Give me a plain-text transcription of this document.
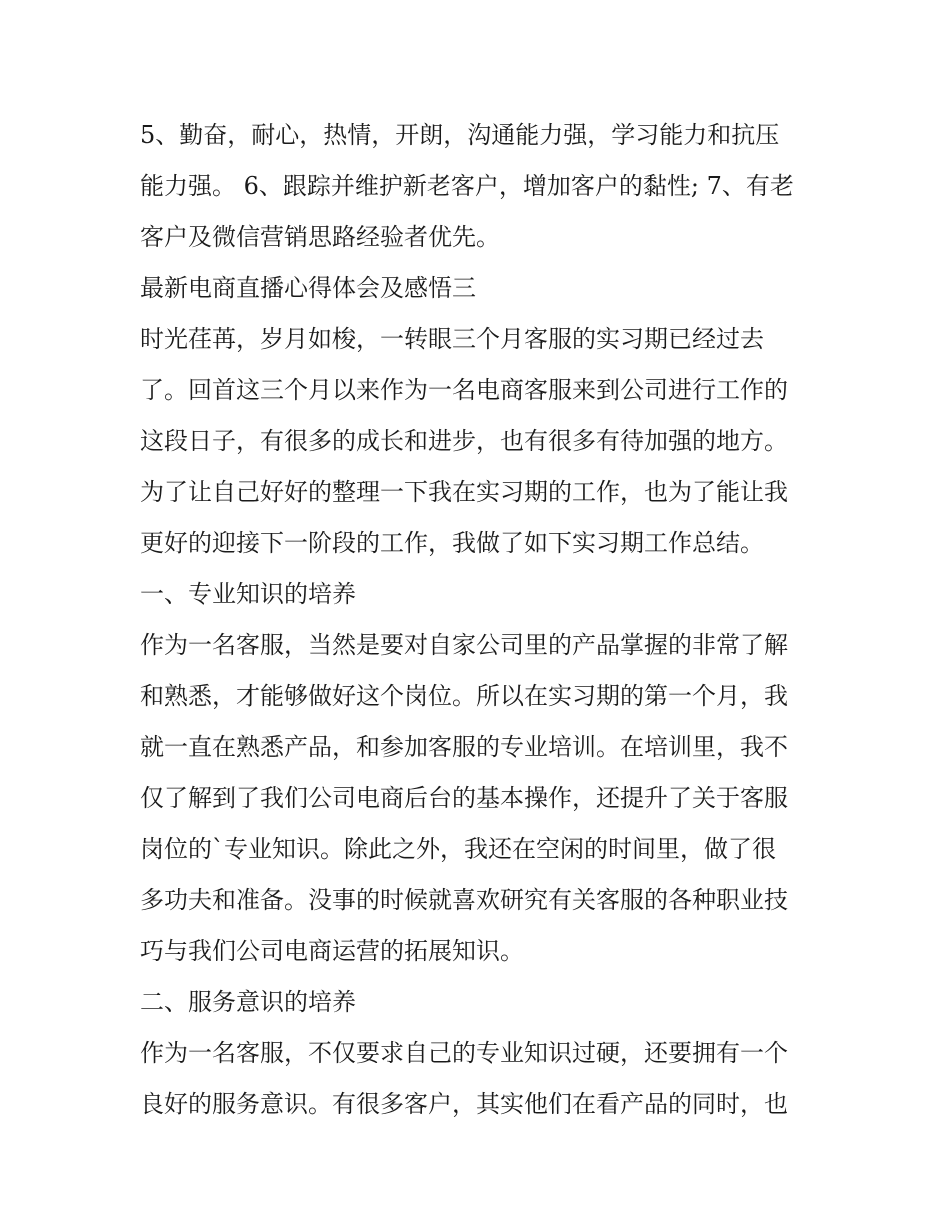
5、勤奋，耐心，热情，开朗，沟通能力强，学习能力和抗压
能力强。 6、跟踪并维护新老客户，增加客户的黏性; 7、有老
客户及微信营销思路经验者优先。
最新电商直播心得体会及感悟三
时光荏苒，岁月如梭，一转眼三个月客服的实习期已经过去
了。回首这三个月以来作为一名电商客服来到公司进行工作的
这段日子，有很多的成长和进步，也有很多有待加强的地方。
为了让自己好好的整理一下我在实习期的工作，也为了能让我
更好的迎接下一阶段的工作，我做了如下实习期工作总结。
一、专业知识的培养
作为一名客服，当然是要对自家公司里的产品掌握的非常了解
和熟悉，才能够做好这个岗位。所以在实习期的第一个月，我
就一直在熟悉产品，和参加客服的专业培训。在培训里，我不
仅了解到了我们公司电商后台的基本操作，还提升了关于客服
岗位的`专业知识。除此之外，我还在空闲的时间里，做了很
多功夫和准备。没事的时候就喜欢研究有关客服的各种职业技
巧与我们公司电商运营的拓展知识。
二、服务意识的培养
作为一名客服，不仅要求自己的专业知识过硬，还要拥有一个
良好的服务意识。有很多客户，其实他们在看产品的同时，也
